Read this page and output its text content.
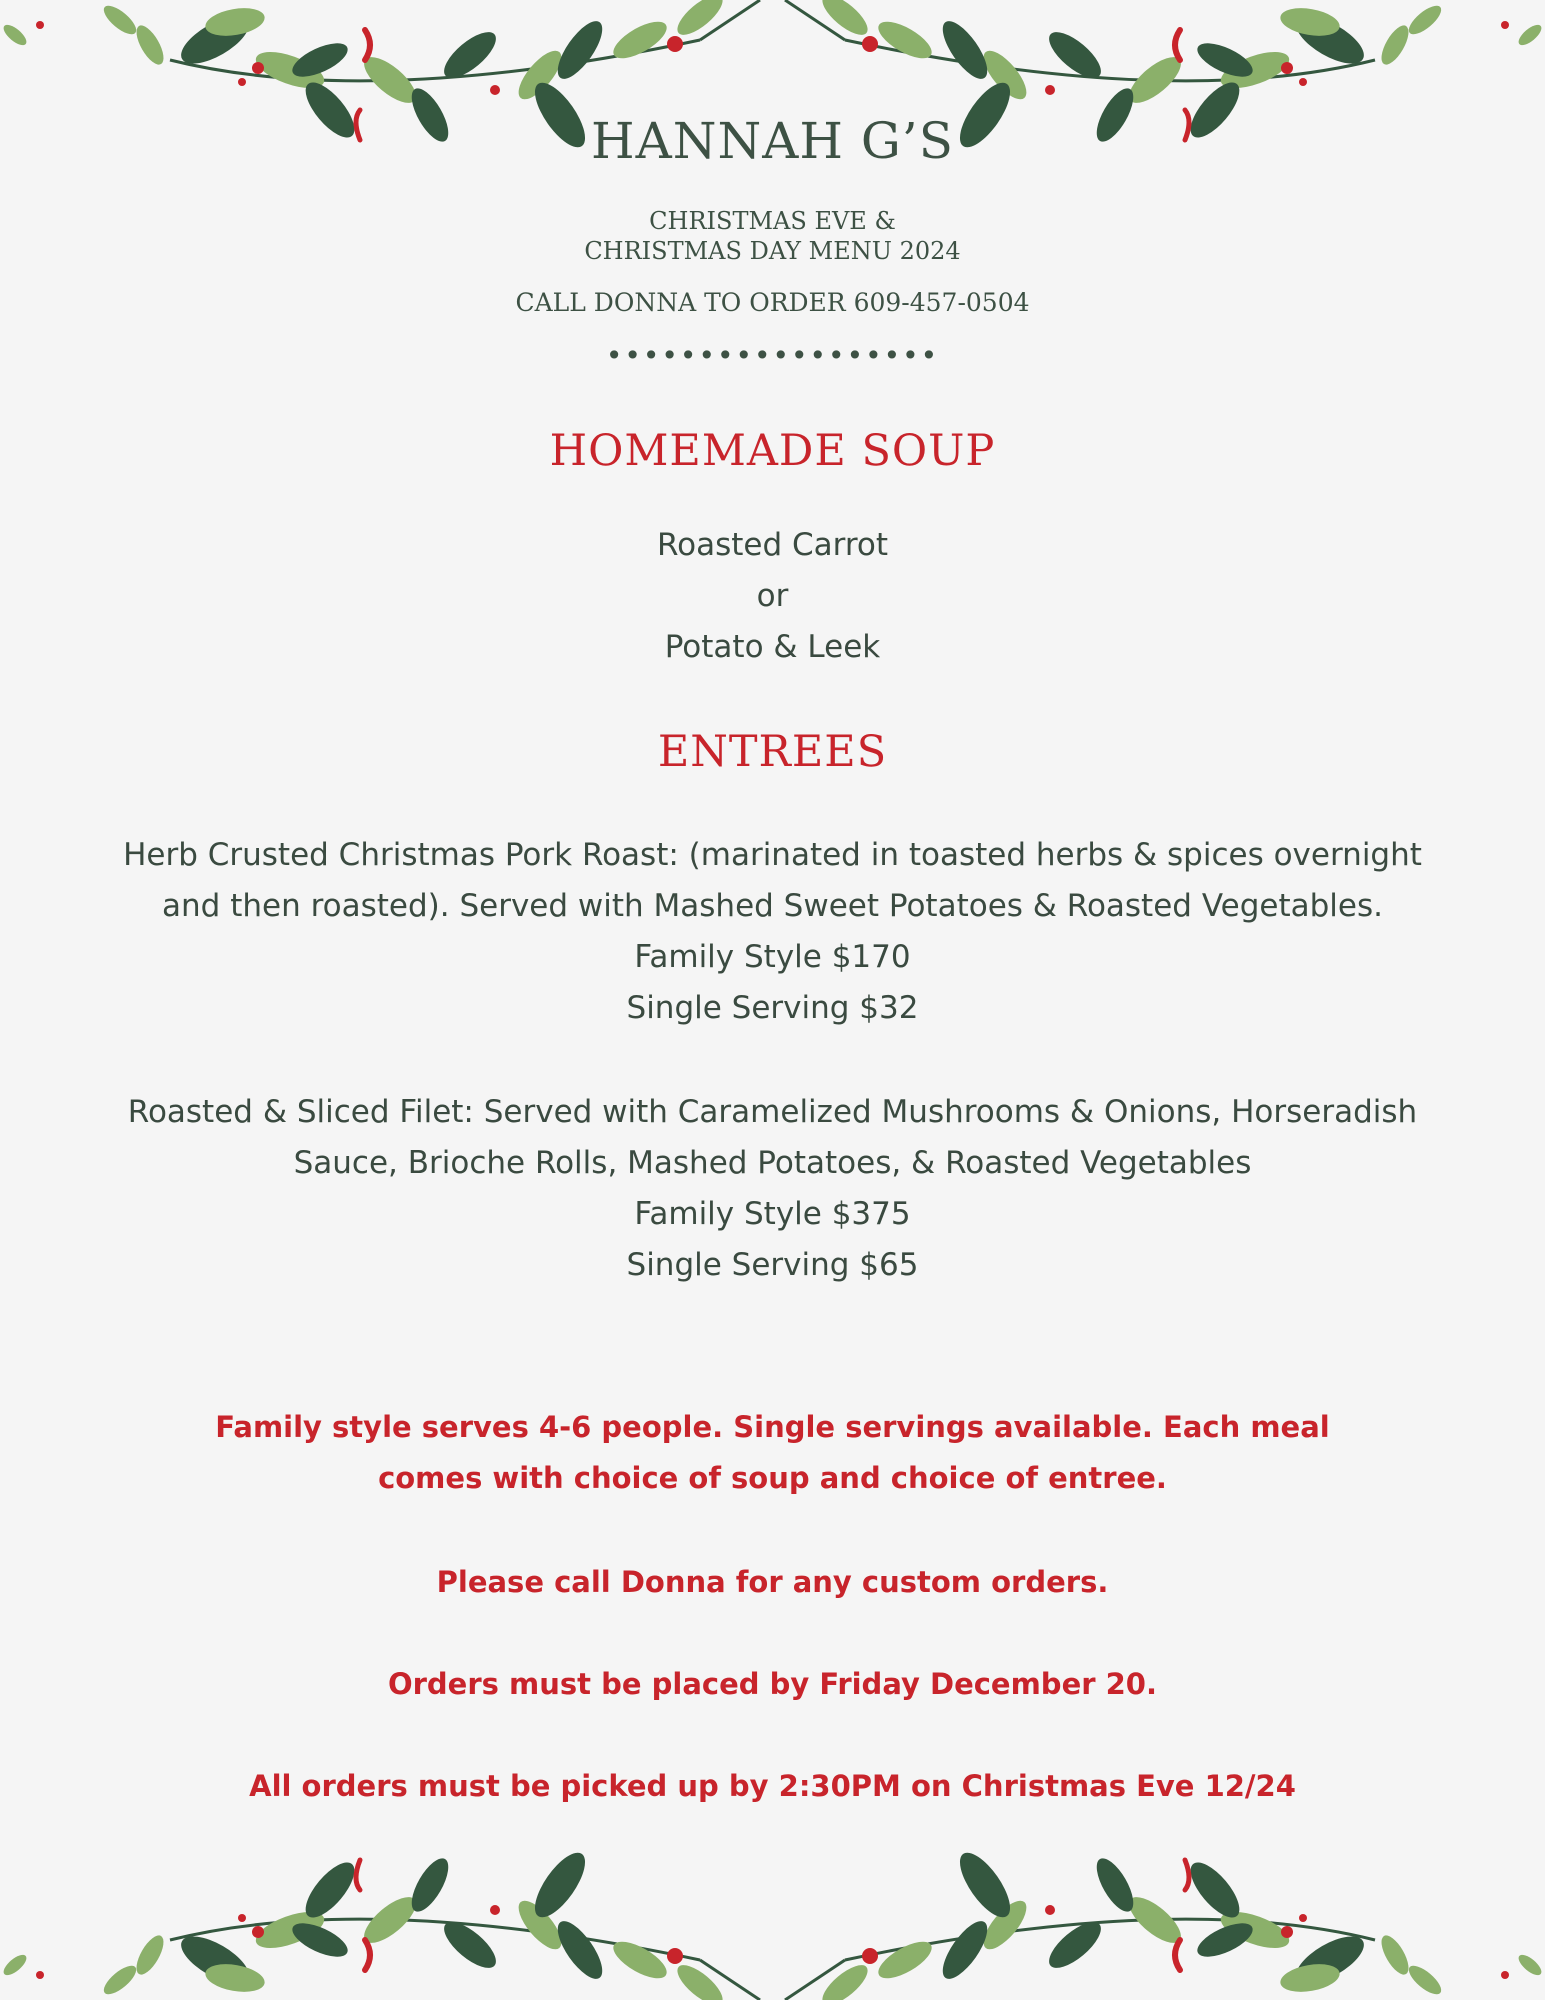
HANNAH G’S
CHRISTMAS EVE &
CHRISTMAS DAY MENU 2024
CALL DONNA TO ORDER 609-457-0504
••••••••••••••••••
HOMEMADE SOUP
Roasted Carrot
or
Potato & Leek
ENTREES
Herb Crusted Christmas Pork Roast: (marinated in toasted herbs & spices overnight
and then roasted). Served with Mashed Sweet Potatoes & Roasted Vegetables.
Family Style $170
Single Serving $32
Roasted & Sliced Filet: Served with Caramelized Mushrooms & Onions, Horseradish
Sauce, Brioche Rolls, Mashed Potatoes, & Roasted Vegetables
Family Style $375
Single Serving $65
Family style serves 4-6 people. Single servings available. Each meal
comes with choice of soup and choice of entree.
Please call Donna for any custom orders.
Orders must be placed by Friday December 20.
All orders must be picked up by 2:30PM on Christmas Eve 12/24
